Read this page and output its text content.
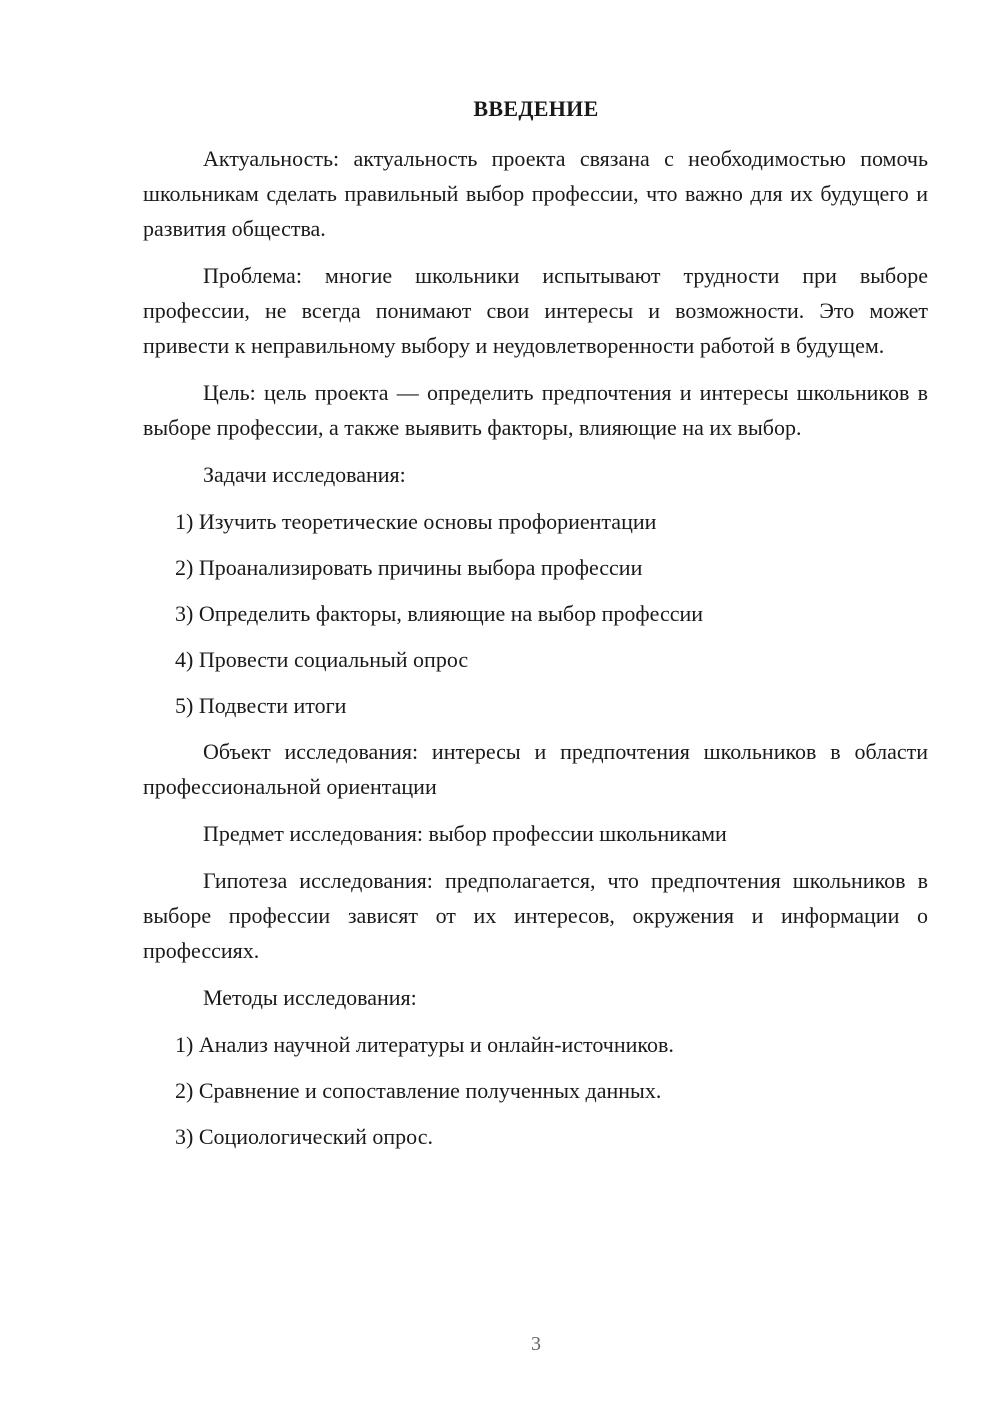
ВВЕДЕНИЕ

Актуальность: актуальность проекта связана с необходимостью помочь школьникам сделать правильный выбор профессии, что важно для их будущего и развития общества.

Проблема: многие школьники испытывают трудности при выборе профессии, не всегда понимают свои интересы и возможности. Это может привести к неправильному выбору и неудовлетворенности работой в будущем.

Цель: цель проекта — определить предпочтения и интересы школьников в выборе профессии, а также выявить факторы, влияющие на их выбор.

Задачи исследования:

1) Изучить теоретические основы профориентации
2) Проанализировать причины выбора профессии
3) Определить факторы, влияющие на выбор профессии
4) Провести социальный опрос
5) Подвести итоги

Объект исследования: интересы и предпочтения школьников в области профессиональной ориентации

Предмет исследования: выбор профессии школьниками

Гипотеза исследования: предполагается, что предпочтения школьников в выборе профессии зависят от их интересов, окружения и информации о профессиях.

Методы исследования:

1) Анализ научной литературы и онлайн-источников.
2) Сравнение и сопоставление полученных данных.
3) Социологический опрос.
3
